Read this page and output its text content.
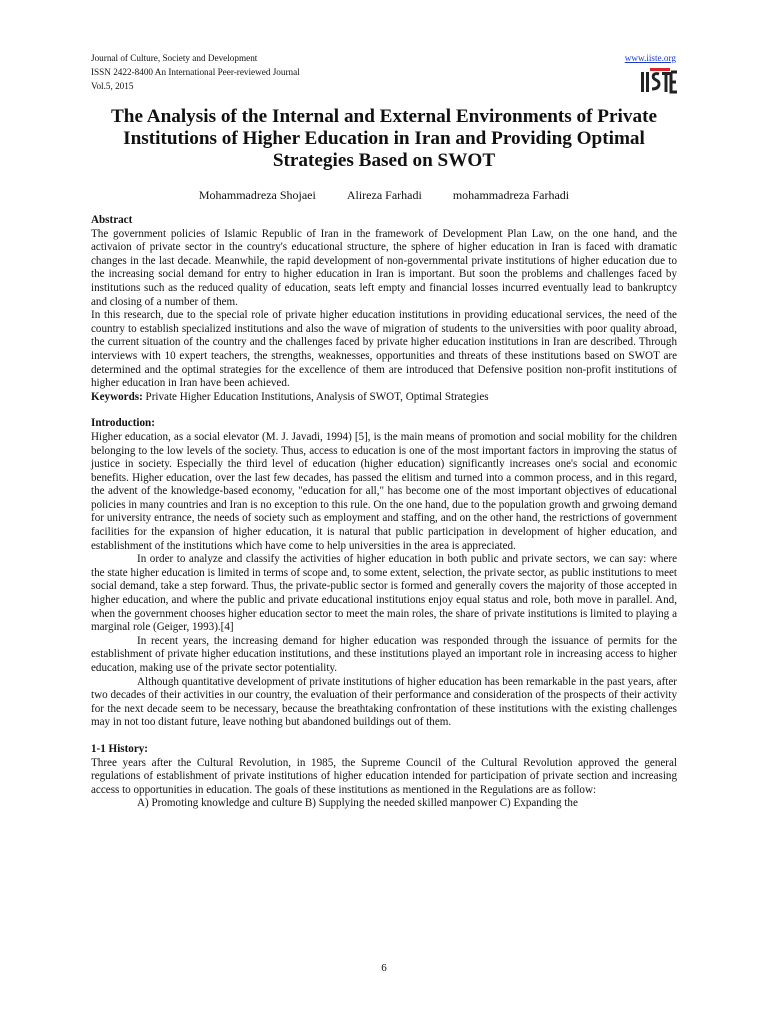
Journal of Culture, Society and Development
ISSN 2422-8400 An International Peer-reviewed Journal
Vol.5, 2015
www.iiste.org
The Analysis of the Internal and External Environments of Private Institutions of Higher Education in Iran and Providing Optimal Strategies Based on SWOT
Mohammadreza Shojaei	Alireza Farhadi	mohammadreza Farhadi

Abstract

The government policies of Islamic Republic of Iran in the framework of Development Plan Law, on the one hand, and the activaion of private sector in the country's educational structure, the sphere of higher education in Iran is faced with dramatic changes in the last decade. Meanwhile, the rapid development of non-governmental private institutions of higher education due to the increasing social demand for entry to higher education in Iran is important. But soon the problems and challenges faced by institutions such as the reduced quality of education, seats left empty and financial losses incurred eventually lead to bankruptcy and closing of a number of them.

In this research, due to the special role of private higher education institutions in providing educational services, the need of the country to establish specialized institutions and also the wave of migration of students to the universities with poor quality abroad, the current situation of the country and the challenges faced by private higher education institutions in Iran are described. Through interviews with 10 expert teachers, the strengths, weaknesses, opportunities and threats of these institutions based on SWOT are determined and the optimal strategies for the excellence of them are introduced that Defensive position non-profit institutions of higher education in Iran have been achieved.

Keywords: Private Higher Education Institutions, Analysis of SWOT, Optimal Strategies

Introduction:

Higher education, as a social elevator (M. J. Javadi, 1994) [5], is the main means of promotion and social mobility for the children belonging to the low levels of the society. Thus, access to education is one of the most important factors in improving the status of justice in society. Especially the third level of education (higher education) significantly increases one's social and economic benefits. Higher education, over the last few decades, has passed the elitism and turned into a common process, and in this regard, the advent of the knowledge-based economy, "education for all," has become one of the most important objectives of educational policies in many countries and Iran is no exception to this rule. On the one hand, due to the population growth and grwoing demand for university entrance, the needs of society such as employment and staffing, and on the other hand, the restrictions of government facilities for the expansion of higher education, it is natural that public participation in development of higher education, and establishment of the institutions which have come to help universities in the area is appreciated.

In order to analyze and classify the activities of higher education in both public and private sectors, we can say: where the state higher education is limited in terms of scope and, to some extent, selection, the private sector, as public institutions to meet social demand, take a step forward. Thus, the private-public sector is formed and generally covers the majority of those accepted in higher education, and where the public and private educational institutions enjoy equal status and role, both move in parallel. And, when the government chooses higher education sector to meet the main roles, the share of private institutions is limited to playing a marginal role (Geiger, 1993).[4]

In recent years, the increasing demand for higher education was responded through the issuance of permits for the establishment of private higher education institutions, and these institutions played an important role in increasing access to higher education, making use of the private sector potentiality.

Although quantitative development of private institutions of higher education has been remarkable in the past years, after two decades of their activities in our country, the evaluation of their performance and consideration of the prospects of their activity for the next decade seem to be necessary, because the breathtaking confrontation of these institutions with the existing challenges may in not too distant future, leave nothing but abandoned buildings out of them.

1-1 History:

Three years after the Cultural Revolution, in 1985, the Supreme Council of the Cultural Revolution approved the general regulations of establishment of private institutions of higher education intended for participation of private section and increasing access to opportunities in education. The goals of these institutions as mentioned in the Regulations are as follow:

A) Promoting knowledge and culture B) Supplying the needed skilled manpower C) Expanding the

6
